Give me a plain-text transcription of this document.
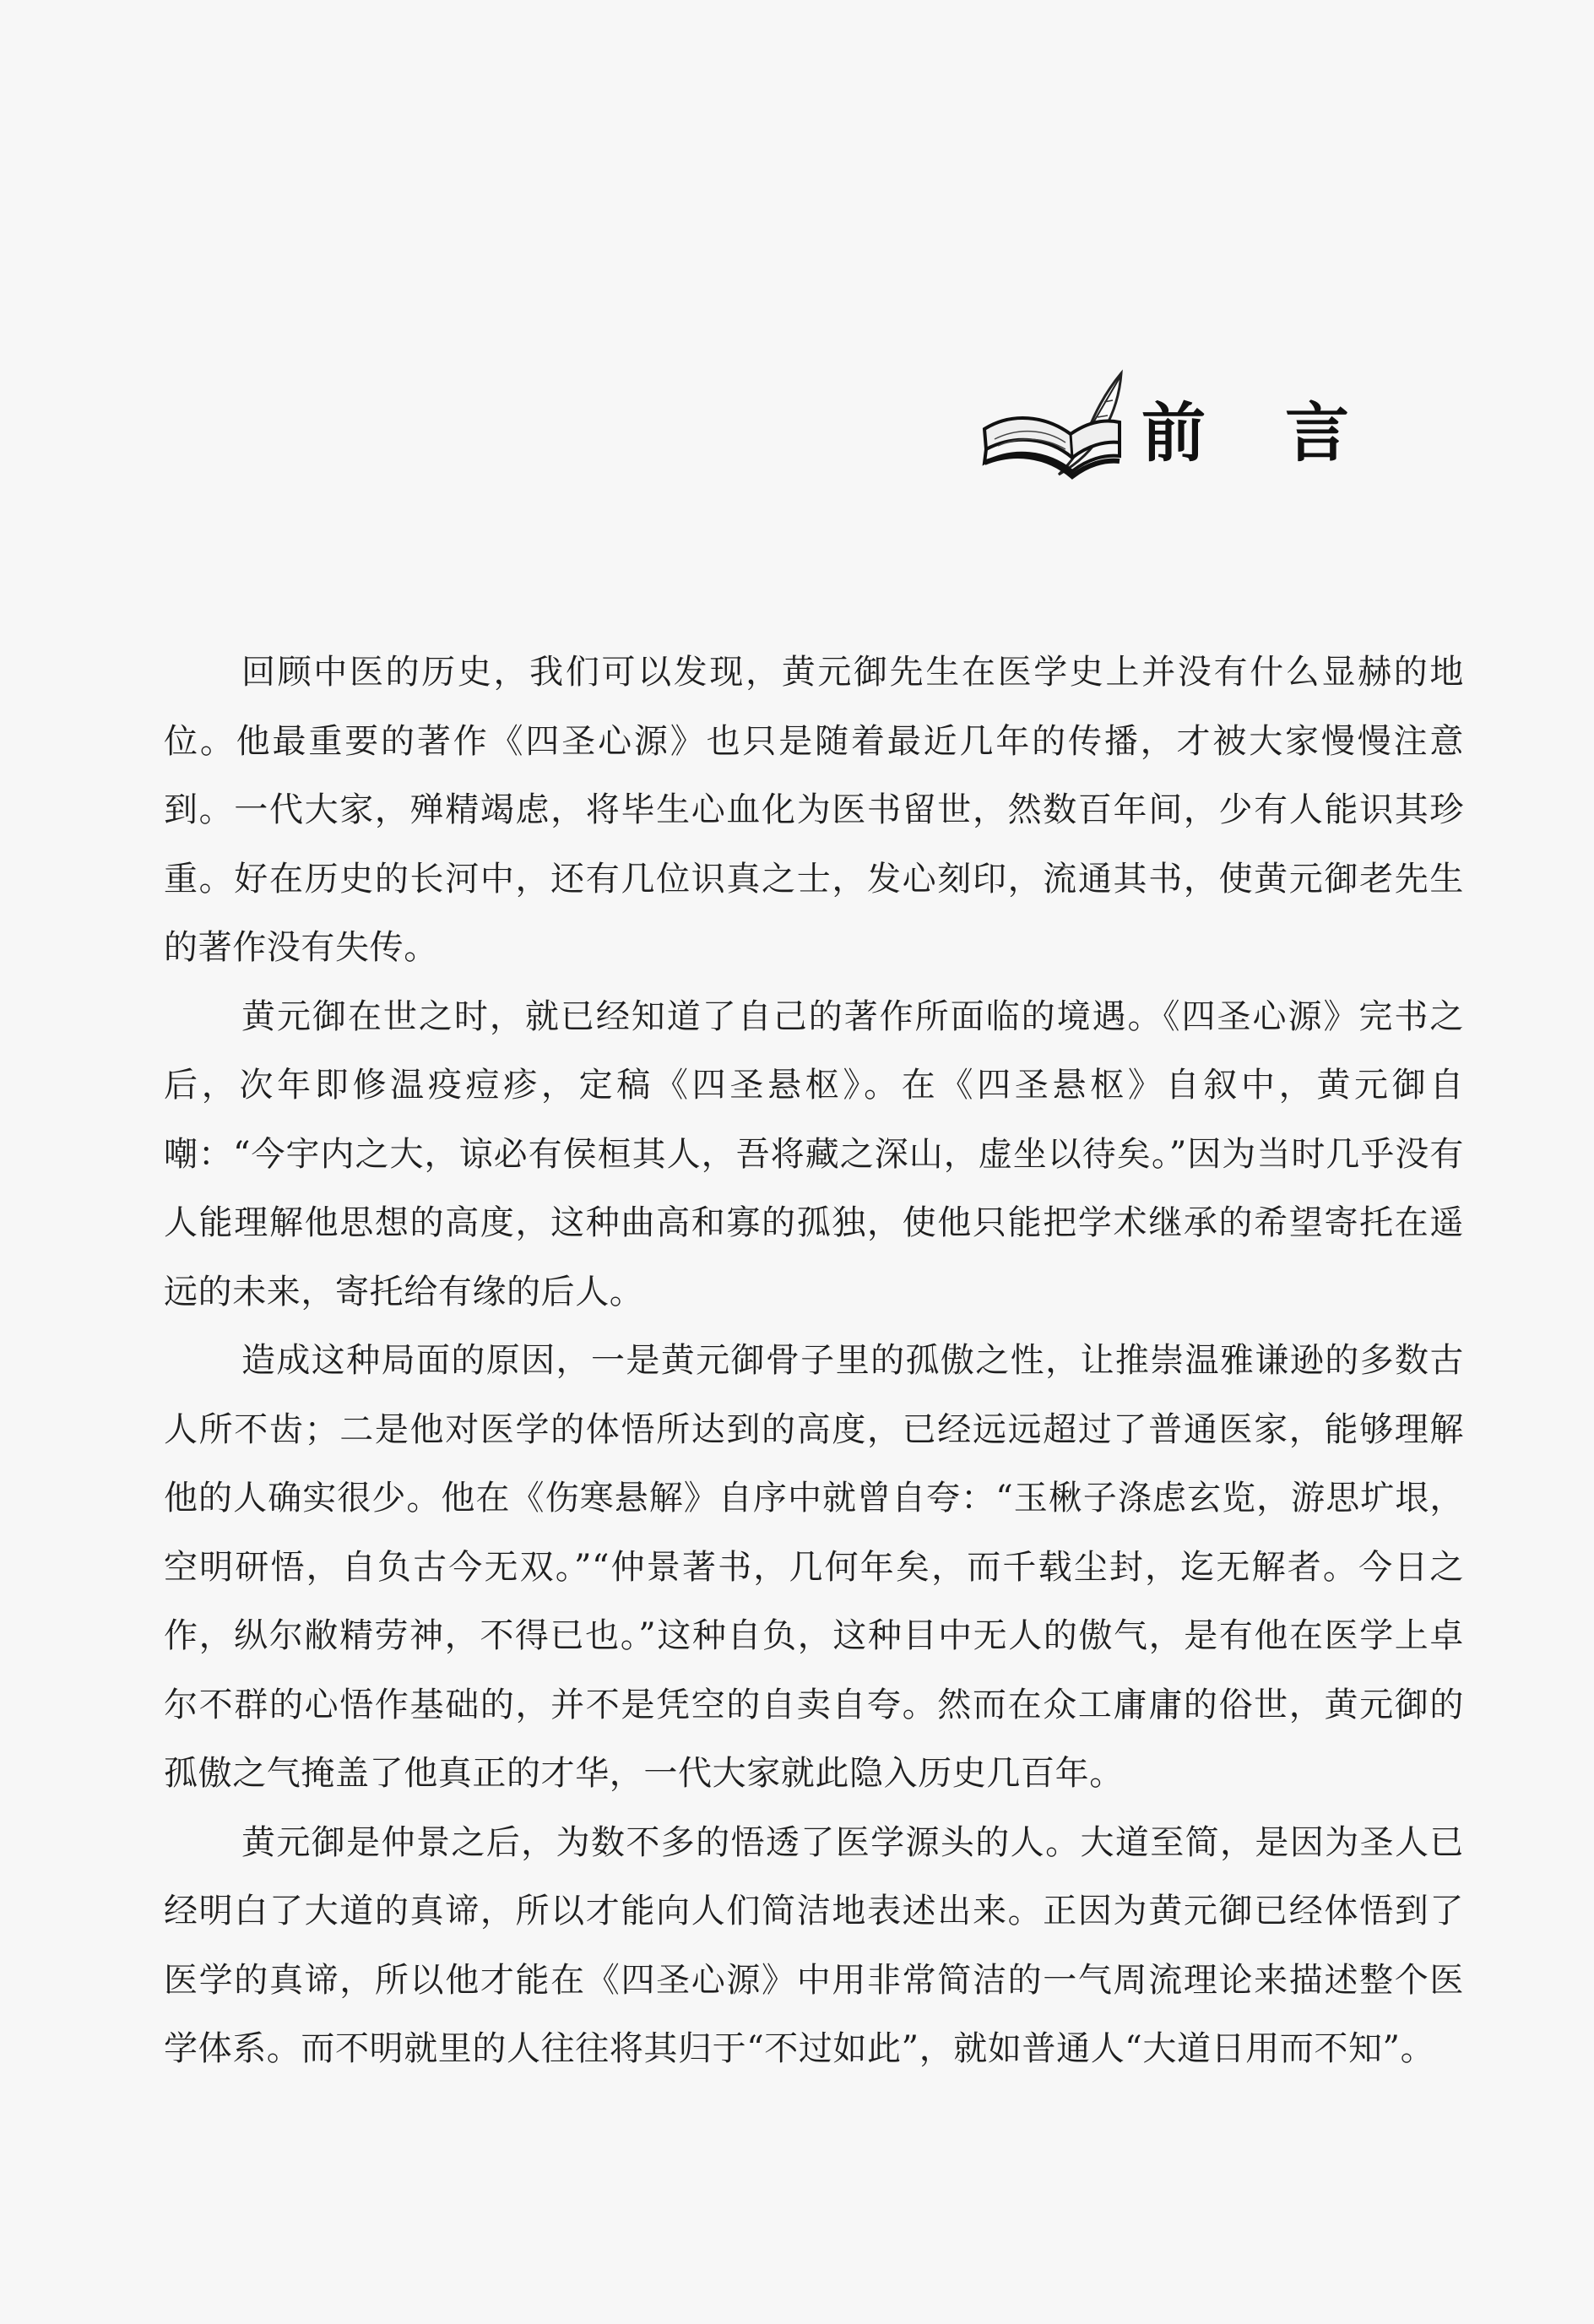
前言

回顾中医的历史，我们可以发现，黄元御先生在医学史上并没有什么显赫的地位。他最重要的著作《四圣心源》也只是随着最近几年的传播，才被大家慢慢注意到。一代大家，殚精竭虑，将毕生心血化为医书留世，然数百年间，少有人能识其珍重。好在历史的长河中，还有几位识真之士，发心刻印，流通其书，使黄元御老先生的著作没有失传。

黄元御在世之时，就已经知道了自己的著作所面临的境遇。《四圣心源》完书之后，次年即修温疫痘疹，定稿《四圣悬枢》。在《四圣悬枢》自叙中，黄元御自嘲：“今宇内之大，谅必有侯桓其人，吾将藏之深山，虚坐以待矣。”因为当时几乎没有人能理解他思想的高度，这种曲高和寡的孤独，使他只能把学术继承的希望寄托在遥远的未来，寄托给有缘的后人。

造成这种局面的原因，一是黄元御骨子里的孤傲之性，让推崇温雅谦逊的多数古人所不齿；二是他对医学的体悟所达到的高度，已经远远超过了普通医家，能够理解他的人确实很少。他在《伤寒悬解》自序中就曾自夸：“玉楸子涤虑玄览，游思圹垠，空明研悟，自负古今无双。”“仲景著书，几何年矣，而千载尘封，迄无解者。今日之作，纵尔敝精劳神，不得已也。”这种自负，这种目中无人的傲气，是有他在医学上卓尔不群的心悟作基础的，并不是凭空的自卖自夸。然而在众工庸庸的俗世，黄元御的孤傲之气掩盖了他真正的才华，一代大家就此隐入历史几百年。

黄元御是仲景之后，为数不多的悟透了医学源头的人。大道至简，是因为圣人已经明白了大道的真谛，所以才能向人们简洁地表述出来。正因为黄元御已经体悟到了医学的真谛，所以他才能在《四圣心源》中用非常简洁的一气周流理论来描述整个医学体系。而不明就里的人往往将其归于“不过如此”，就如普通人“大道日用而不知”。
